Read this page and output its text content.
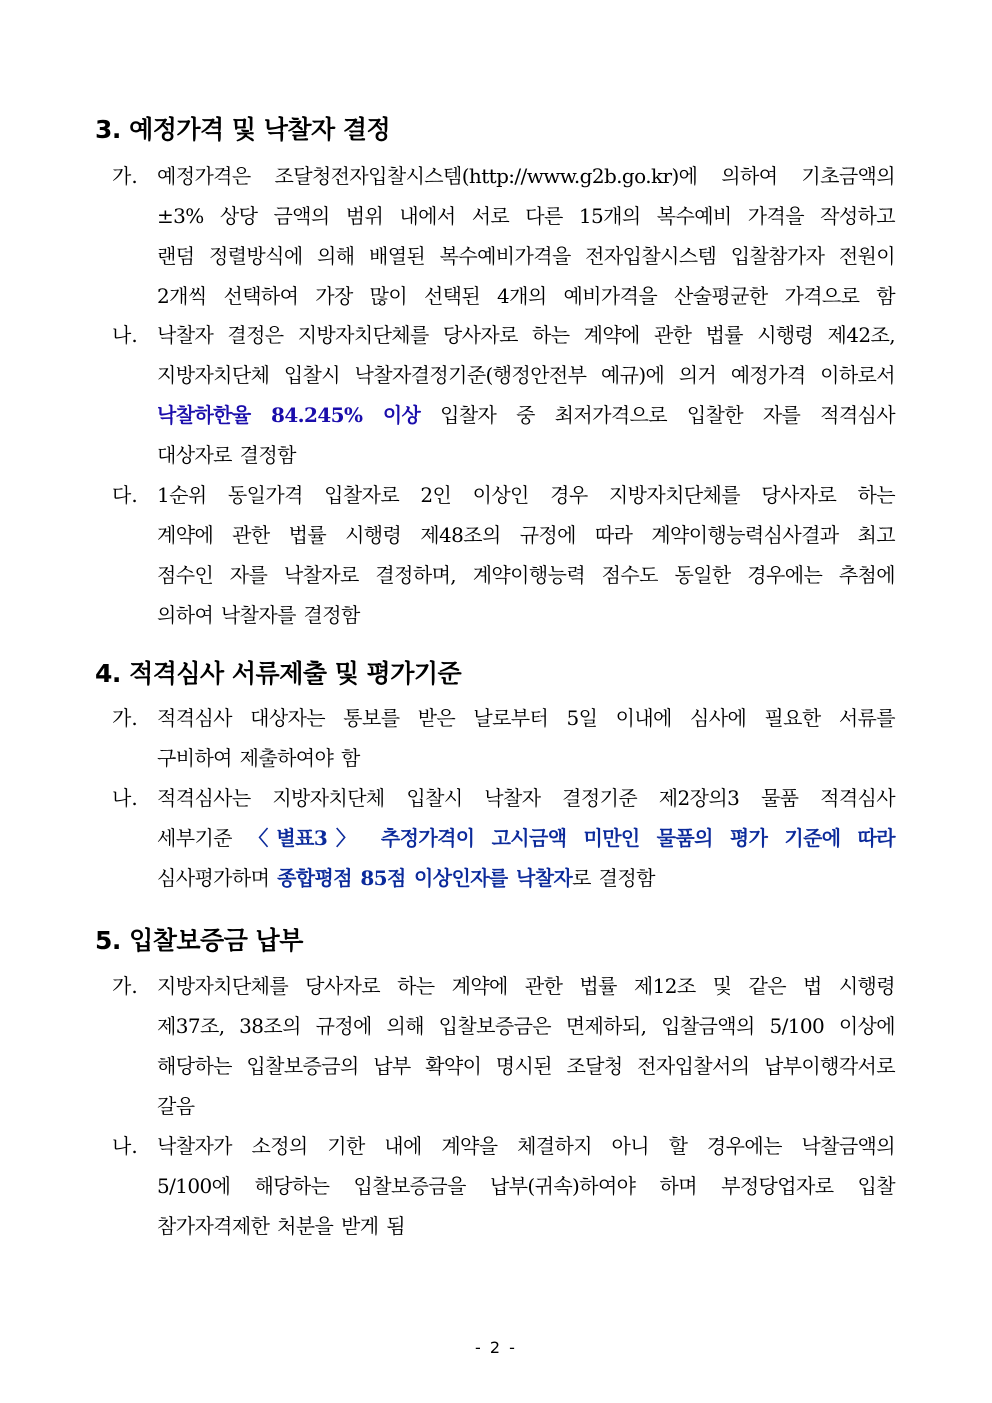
3. 예정가격 및 낙찰자 결정
가. 예정가격은 조달청전자입찰시스템(http://www.g2b.go.kr)에 의하여 기초금액의
±3% 상당 금액의 범위 내에서 서로 다른 15개의 복수예비 가격을 작성하고
랜덤 정렬방식에 의해 배열된 복수예비가격을 전자입찰시스템 입찰참가자 전원이
2개씩 선택하여 가장 많이 선택된 4개의 예비가격을 산술평균한 가격으로 함
나. 낙찰자 결정은 지방자치단체를 당사자로 하는 계약에 관한 법률 시행령 제42조,
지방자치단체 입찰시 낙찰자결정기준(행정안전부 예규)에 의거 예정가격 이하로서
낙찰하한율 84.245% 이상 입찰자 중 최저가격으로 입찰한 자를 적격심사
대상자로 결정함
다. 1순위 동일가격 입찰자로 2인 이상인 경우 지방자치단체를 당사자로 하는
계약에 관한 법률 시행령 제48조의 규정에 따라 계약이행능력심사결과 최고
점수인 자를 낙찰자로 결정하며, 계약이행능력 점수도 동일한 경우에는 추첨에
의하여 낙찰자를 결정함
4. 적격심사 서류제출 및 평가기준
가. 적격심사 대상자는 통보를 받은 날로부터 5일 이내에 심사에 필요한 서류를
구비하여 제출하여야 함
나. 적격심사는 지방자치단체 입찰시 낙찰자 결정기준 제2장의3 물품 적격심사
세부기준 〈별표3〉 추정가격이 고시금액 미만인 물품의 평가 기준에 따라
심사평가하며 종합평점 85점 이상인자를 낙찰자로 결정함
5. 입찰보증금 납부
가. 지방자치단체를 당사자로 하는 계약에 관한 법률 제12조 및 같은 법 시행령
제37조, 38조의 규정에 의해 입찰보증금은 면제하되, 입찰금액의 5/100 이상에
해당하는 입찰보증금의 납부 확약이 명시된 조달청 전자입찰서의 납부이행각서로
갈음
나. 낙찰자가 소정의 기한 내에 계약을 체결하지 아니 할 경우에는 낙찰금액의
5/100에 해당하는 입찰보증금을 납부(귀속)하여야 하며 부정당업자로 입찰
참가자격제한 처분을 받게 됨
- 2 -
